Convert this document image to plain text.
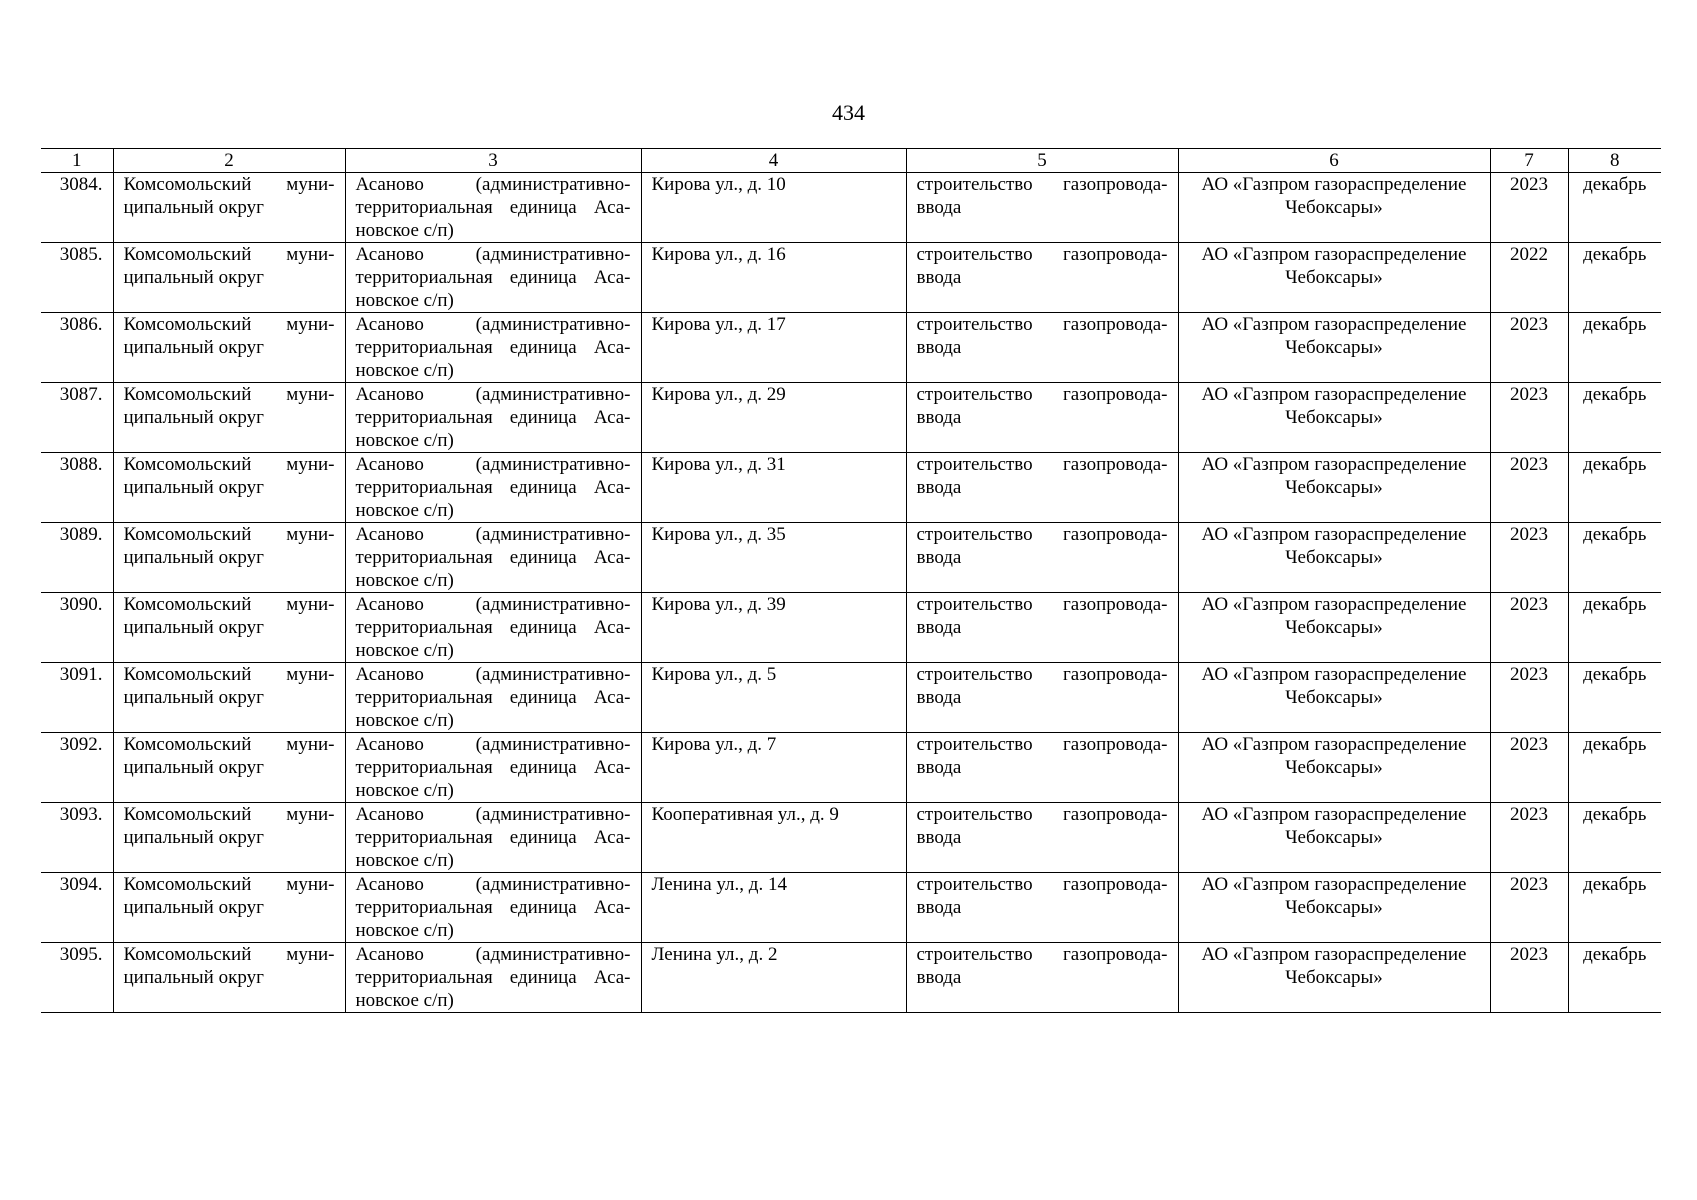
434
1	2	3	4	5	6	7	8
3084.	Комсомольский муни-ципальный округ	Асаново (административно-территориальная единица Аса-новское с/п)	Кирова ул., д. 10	строительство газопровода-ввода	АО «Газпром газораспределение Чебоксары»	2023	декабрь
3085.	Комсомольский муни-ципальный округ	Асаново (административно-территориальная единица Аса-новское с/п)	Кирова ул., д. 16	строительство газопровода-ввода	АО «Газпром газораспределение Чебоксары»	2022	декабрь
3086.	Комсомольский муни-ципальный округ	Асаново (административно-территориальная единица Аса-новское с/п)	Кирова ул., д. 17	строительство газопровода-ввода	АО «Газпром газораспределение Чебоксары»	2023	декабрь
3087.	Комсомольский муни-ципальный округ	Асаново (административно-территориальная единица Аса-новское с/п)	Кирова ул., д. 29	строительство газопровода-ввода	АО «Газпром газораспределение Чебоксары»	2023	декабрь
3088.	Комсомольский муни-ципальный округ	Асаново (административно-территориальная единица Аса-новское с/п)	Кирова ул., д. 31	строительство газопровода-ввода	АО «Газпром газораспределение Чебоксары»	2023	декабрь
3089.	Комсомольский муни-ципальный округ	Асаново (административно-территориальная единица Аса-новское с/п)	Кирова ул., д. 35	строительство газопровода-ввода	АО «Газпром газораспределение Чебоксары»	2023	декабрь
3090.	Комсомольский муни-ципальный округ	Асаново (административно-территориальная единица Аса-новское с/п)	Кирова ул., д. 39	строительство газопровода-ввода	АО «Газпром газораспределение Чебоксары»	2023	декабрь
3091.	Комсомольский муни-ципальный округ	Асаново (административно-территориальная единица Аса-новское с/п)	Кирова ул., д. 5	строительство газопровода-ввода	АО «Газпром газораспределение Чебоксары»	2023	декабрь
3092.	Комсомольский муни-ципальный округ	Асаново (административно-территориальная единица Аса-новское с/п)	Кирова ул., д. 7	строительство газопровода-ввода	АО «Газпром газораспределение Чебоксары»	2023	декабрь
3093.	Комсомольский муни-ципальный округ	Асаново (административно-территориальная единица Аса-новское с/п)	Кооперативная ул., д. 9	строительство газопровода-ввода	АО «Газпром газораспределение Чебоксары»	2023	декабрь
3094.	Комсомольский муни-ципальный округ	Асаново (административно-территориальная единица Аса-новское с/п)	Ленина ул., д. 14	строительство газопровода-ввода	АО «Газпром газораспределение Чебоксары»	2023	декабрь
3095.	Комсомольский муни-ципальный округ	Асаново (административно-территориальная единица Аса-новское с/п)	Ленина ул., д. 2	строительство газопровода-ввода	АО «Газпром газораспределение Чебоксары»	2023	декабрь
